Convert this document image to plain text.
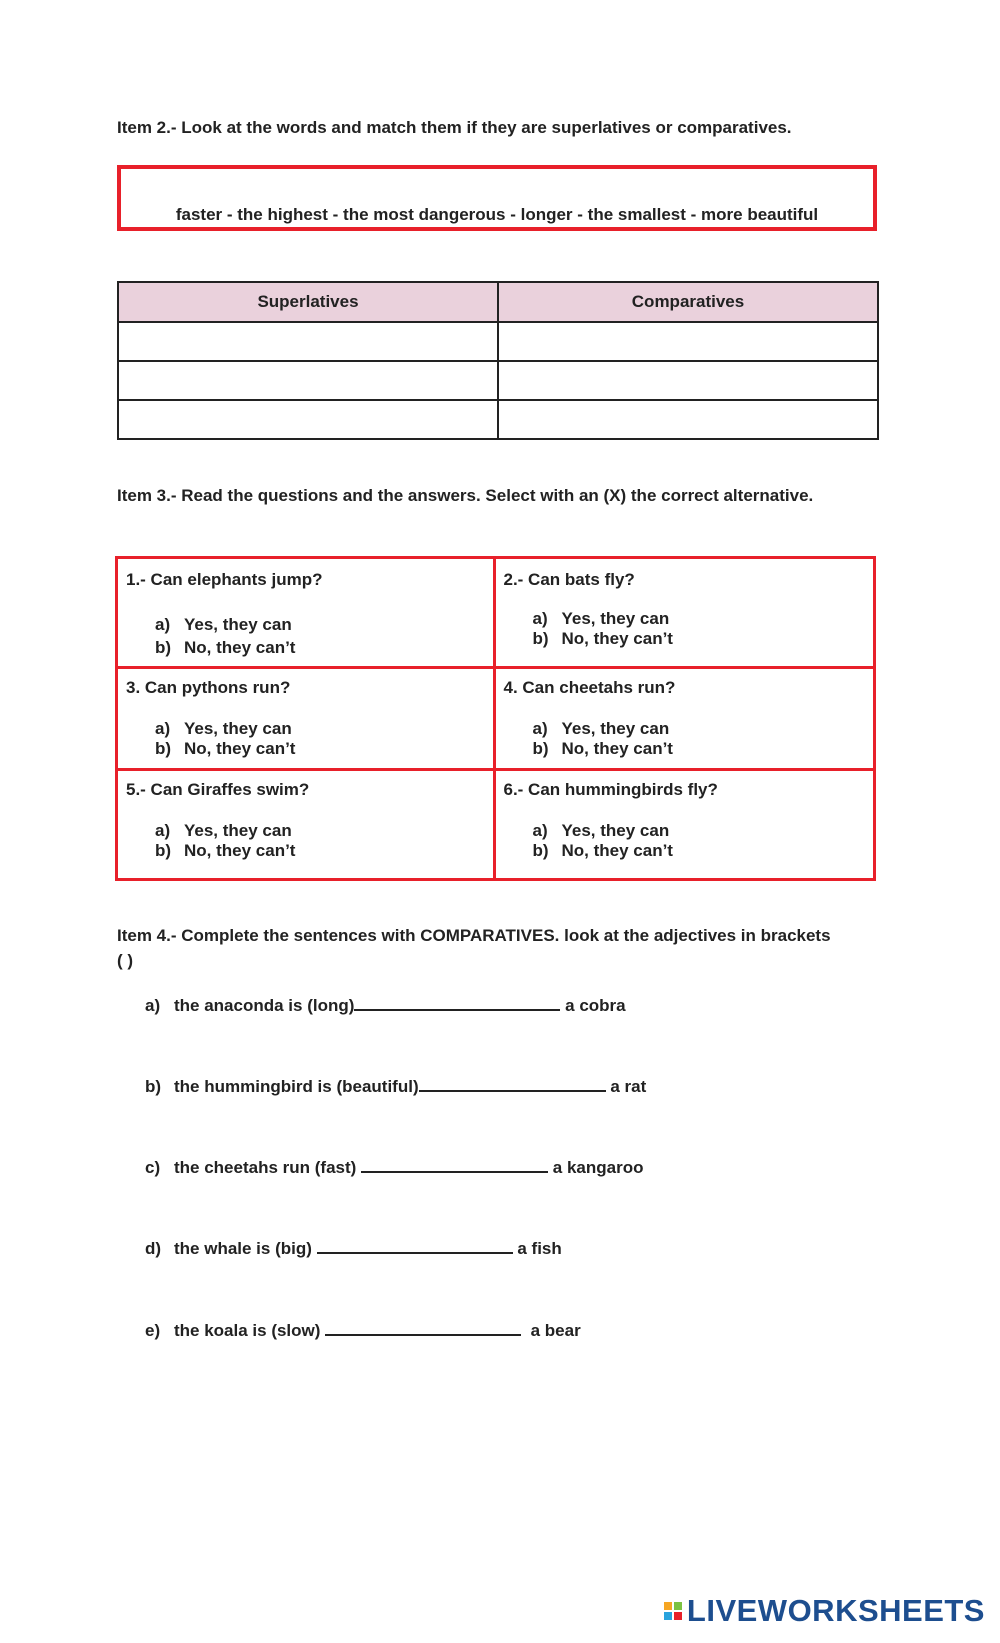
Item 2.- Look at the words and match them if they are superlatives or comparatives.
faster - the highest - the most dangerous - longer - the smallest - more beautiful
Superlatives	Comparatives

Item 3.- Read the questions and the answers. Select with an (X) the correct alternative.
1.- Can elephants jump?
a) Yes, they can
b) No, they can’t
2.- Can bats fly?
a) Yes, they can
b) No, they can’t
3. Can pythons run?
a) Yes, they can
b) No, they can’t
4. Can cheetahs run?
a) Yes, they can
b) No, they can’t
5.- Can Giraffes swim?
a) Yes, they can
b) No, they can’t
6.- Can hummingbirds fly?
a) Yes, they can
b) No, they can’t
Item 4.- Complete the sentences with COMPARATIVES. look at the adjectives in brackets
( )
a) the anaconda is (long)	a cobra
b) the hummingbird is (beautiful)	a rat
c) the cheetahs run (fast)	a kangaroo
d) the whale is (big)	a fish
e) the koala is (slow)	a bear
LIVEWORKSHEETS
